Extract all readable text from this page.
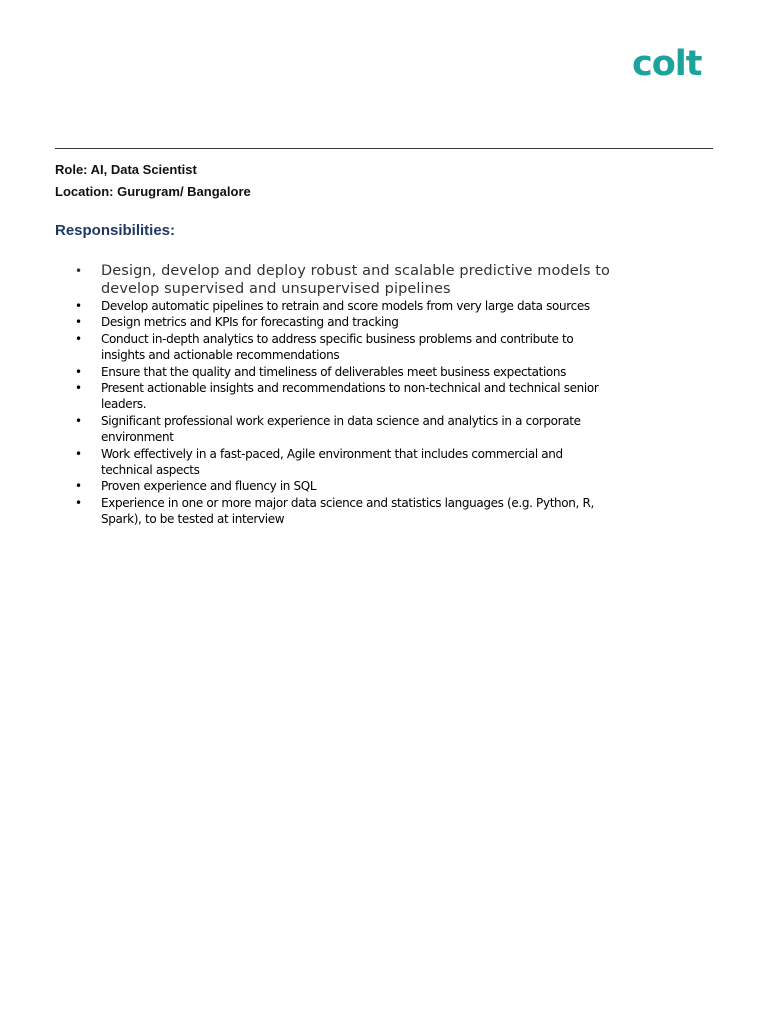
colt
Role: AI, Data Scientist
Location: Gurugram/ Bangalore
Responsibilities:
• Design, develop and deploy robust and scalable predictive models to develop supervised and unsupervised pipelines
• Develop automatic pipelines to retrain and score models from very large data sources
• Design metrics and KPIs for forecasting and tracking
• Conduct in-depth analytics to address specific business problems and contribute to insights and actionable recommendations
• Ensure that the quality and timeliness of deliverables meet business expectations
• Present actionable insights and recommendations to non-technical and technical senior leaders.
• Significant professional work experience in data science and analytics in a corporate environment
• Work effectively in a fast-paced, Agile environment that includes commercial and technical aspects
• Proven experience and fluency in SQL
• Experience in one or more major data science and statistics languages (e.g. Python, R, Spark), to be tested at interview
